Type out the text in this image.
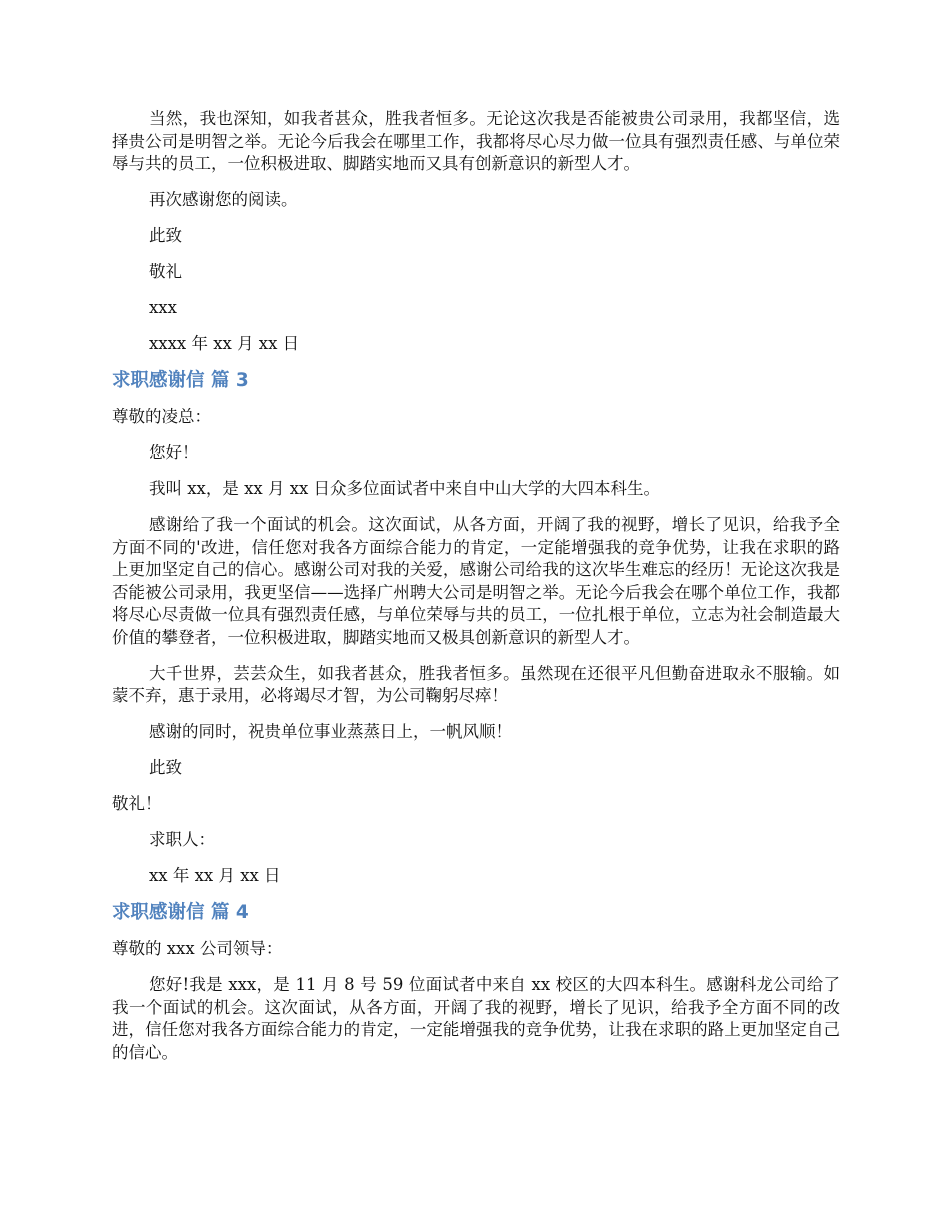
当然，我也深知，如我者甚众，胜我者恒多。无论这次我是否能被贵公司录用，我都坚信，选择贵公司是明智之举。无论今后我会在哪里工作，我都将尽心尽力做一位具有强烈责任感、与单位荣辱与共的员工，一位积极进取、脚踏实地而又具有创新意识的新型人才。

再次感谢您的阅读。

此致

敬礼

xxx

xxxx 年 xx 月 xx 日

求职感谢信 篇 3

尊敬的凌总：

您好！

我叫 xx，是 xx 月 xx 日众多位面试者中来自中山大学的大四本科生。

感谢给了我一个面试的机会。这次面试，从各方面，开阔了我的视野，增长了见识，给我予全方面不同的'改进，信任您对我各方面综合能力的肯定，一定能增强我的竞争优势，让我在求职的路上更加坚定自己的信心。感谢公司对我的关爱，感谢公司给我的这次毕生难忘的经历！无论这次我是否能被公司录用，我更坚信——选择广州聘大公司是明智之举。无论今后我会在哪个单位工作，我都将尽心尽责做一位具有强烈责任感，与单位荣辱与共的员工，一位扎根于单位，立志为社会制造最大价值的攀登者，一位积极进取，脚踏实地而又极具创新意识的新型人才。

大千世界，芸芸众生，如我者甚众，胜我者恒多。虽然现在还很平凡但勤奋进取永不服输。如蒙不弃，惠于录用，必将竭尽才智，为公司鞠躬尽瘁！

感谢的同时，祝贵单位事业蒸蒸日上，一帆风顺！

此致

敬礼！

求职人：

xx 年 xx 月 xx 日

求职感谢信 篇 4

尊敬的 xxx 公司领导：

您好!我是 xxx，是 11 月 8 号 59 位面试者中来自 xx 校区的大四本科生。感谢科龙公司给了我一个面试的机会。这次面试，从各方面，开阔了我的视野，增长了见识，给我予全方面不同的改进，信任您对我各方面综合能力的肯定，一定能增强我的竞争优势，让我在求职的路上更加坚定自己的信心。
